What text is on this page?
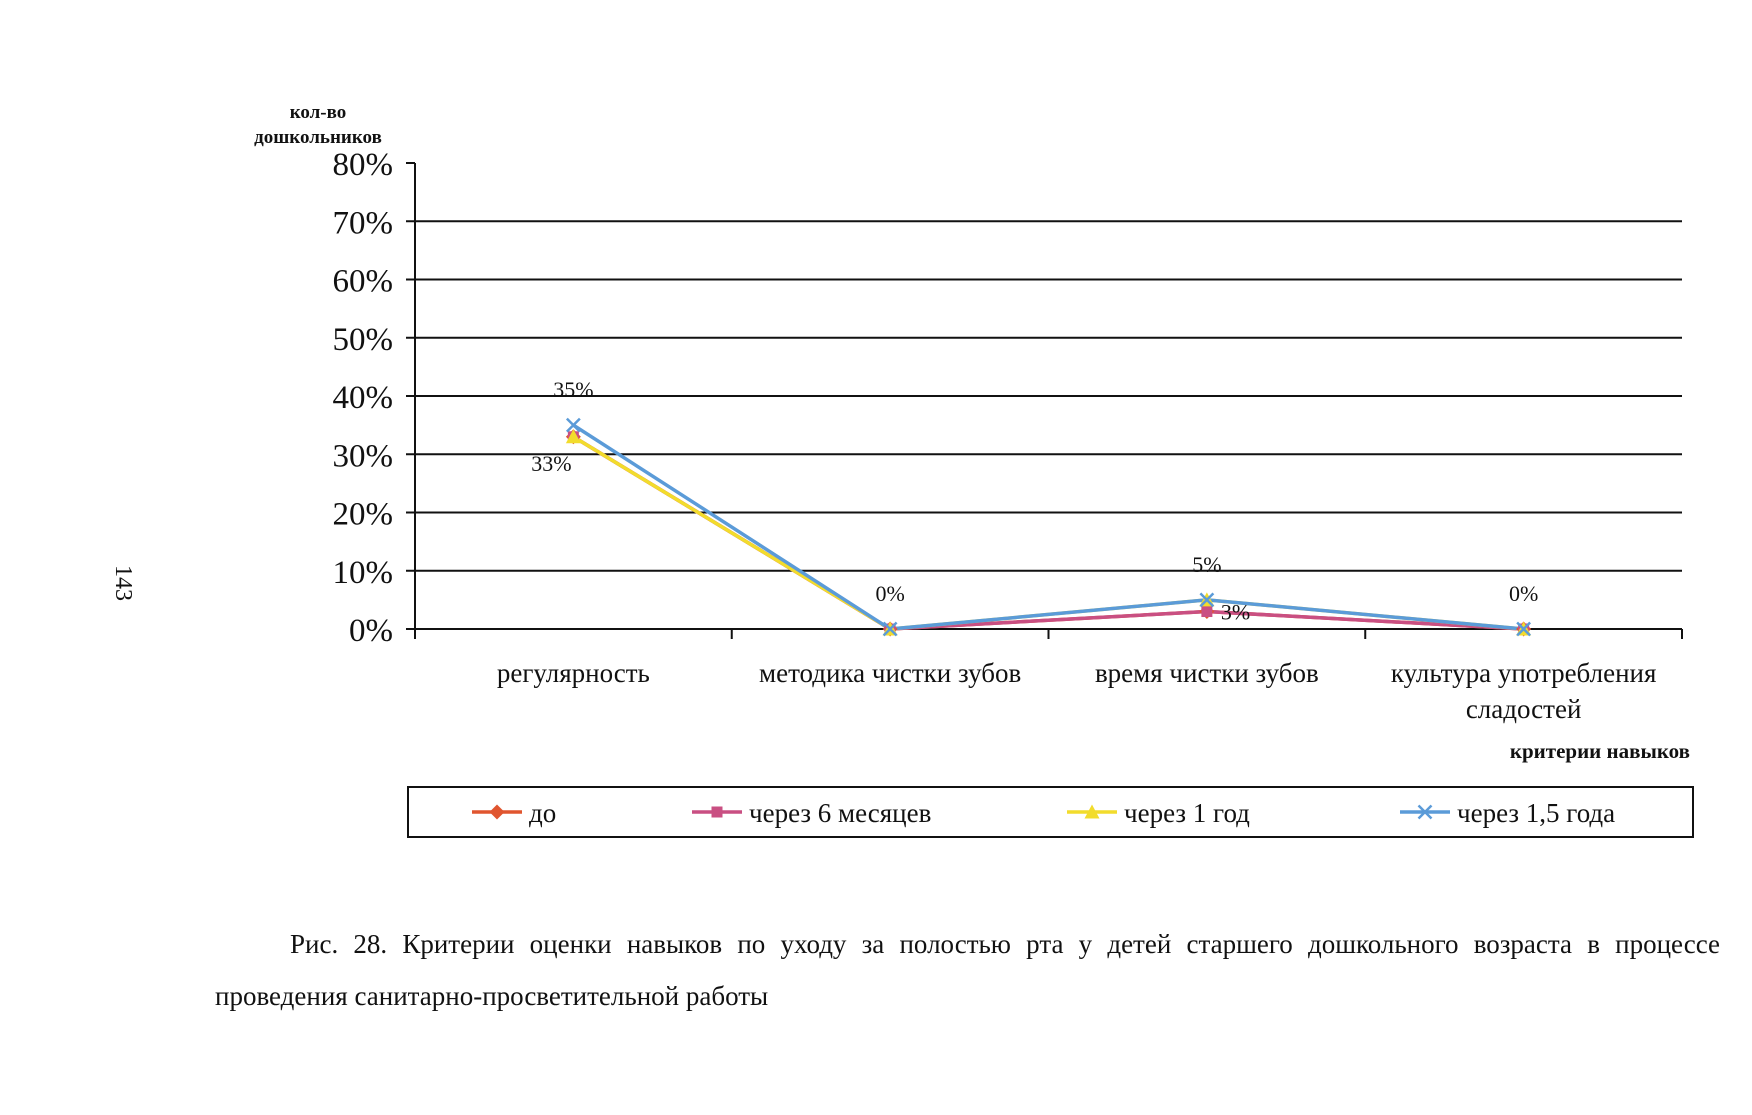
143
0%
10%
20%
30%
40%
50%
60%
70%
80%
регулярность	методика чистки зубов	время чистки зубов	культура употребления
сладостей
кол-во
дошкольников
критерии навыков
35%
33%
0%
5%
3%
0%
до	через 6 месяцев	через 1 год	через 1,5 года
Рис. 28. Критерии оценки навыков по уходу за полостью рта у детей старшего дошкольного возраста в процессе проведения санитарно-просветительной работы
